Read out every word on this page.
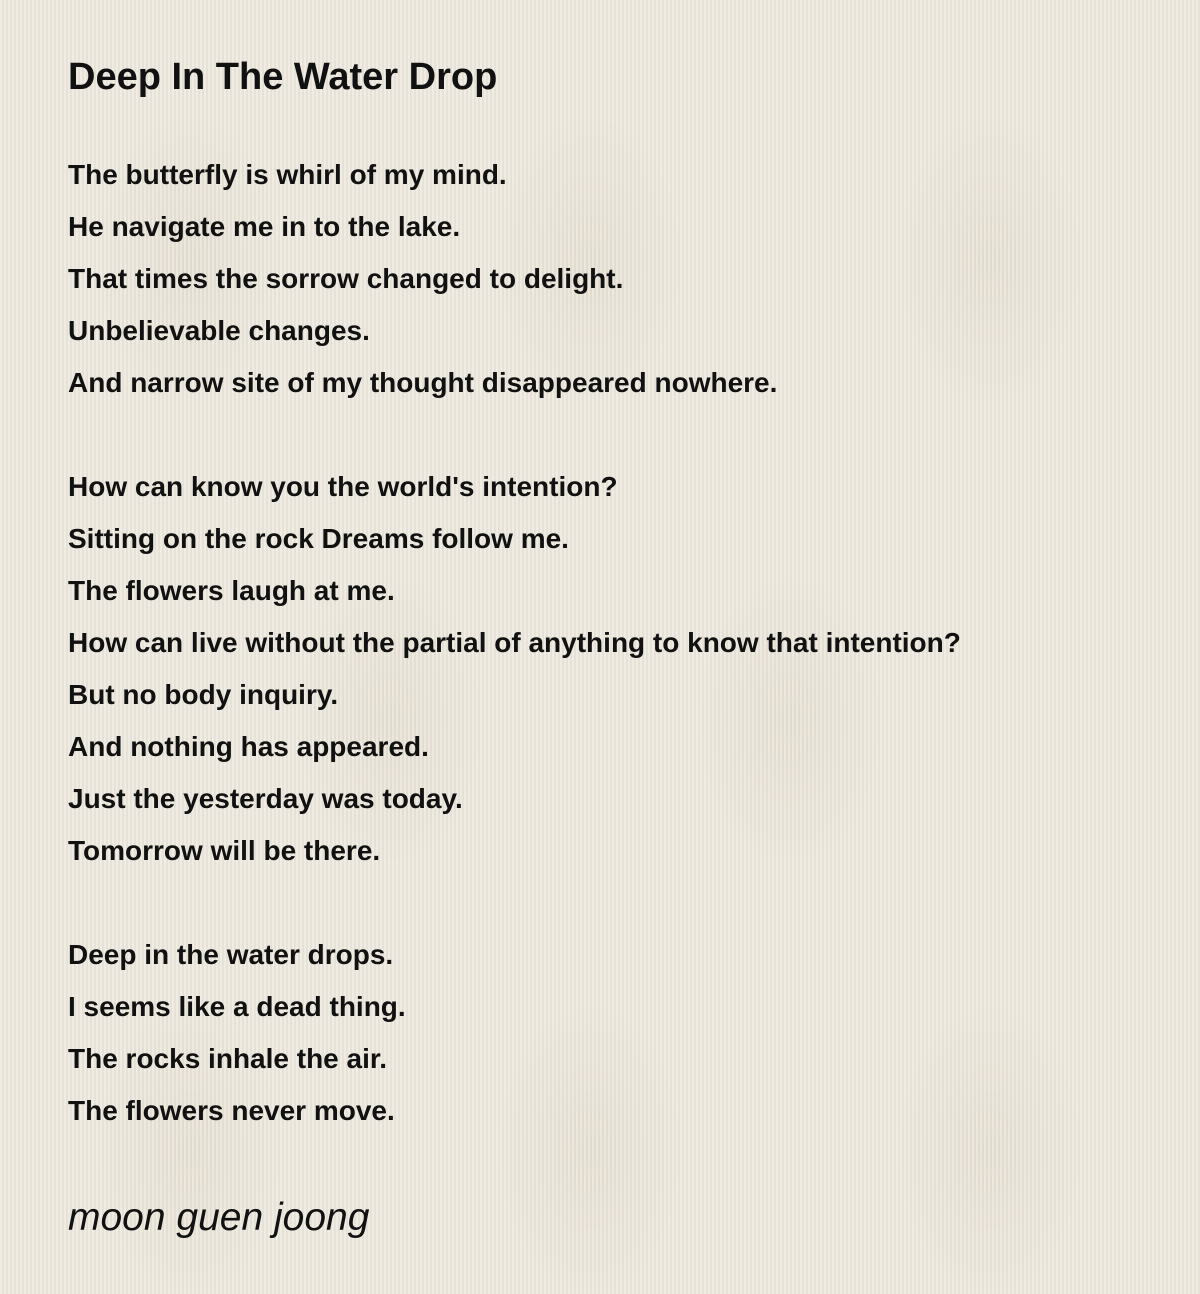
Deep In The Water Drop
The butterfly is whirl of my mind.
He navigate me in to the lake.
That times the sorrow changed to delight.
Unbelievable changes.
And narrow site of my thought disappeared nowhere.
How can know you the world's intention?
Sitting on the rock Dreams follow me.
The flowers laugh at me.
How can live without the partial of anything to know that intention?
But no body inquiry.
And nothing has appeared.
Just the yesterday was today.
Tomorrow will be there.
Deep in the water drops.
I seems like a dead thing.
The rocks inhale the air.
The flowers never move.

moon guen joong
